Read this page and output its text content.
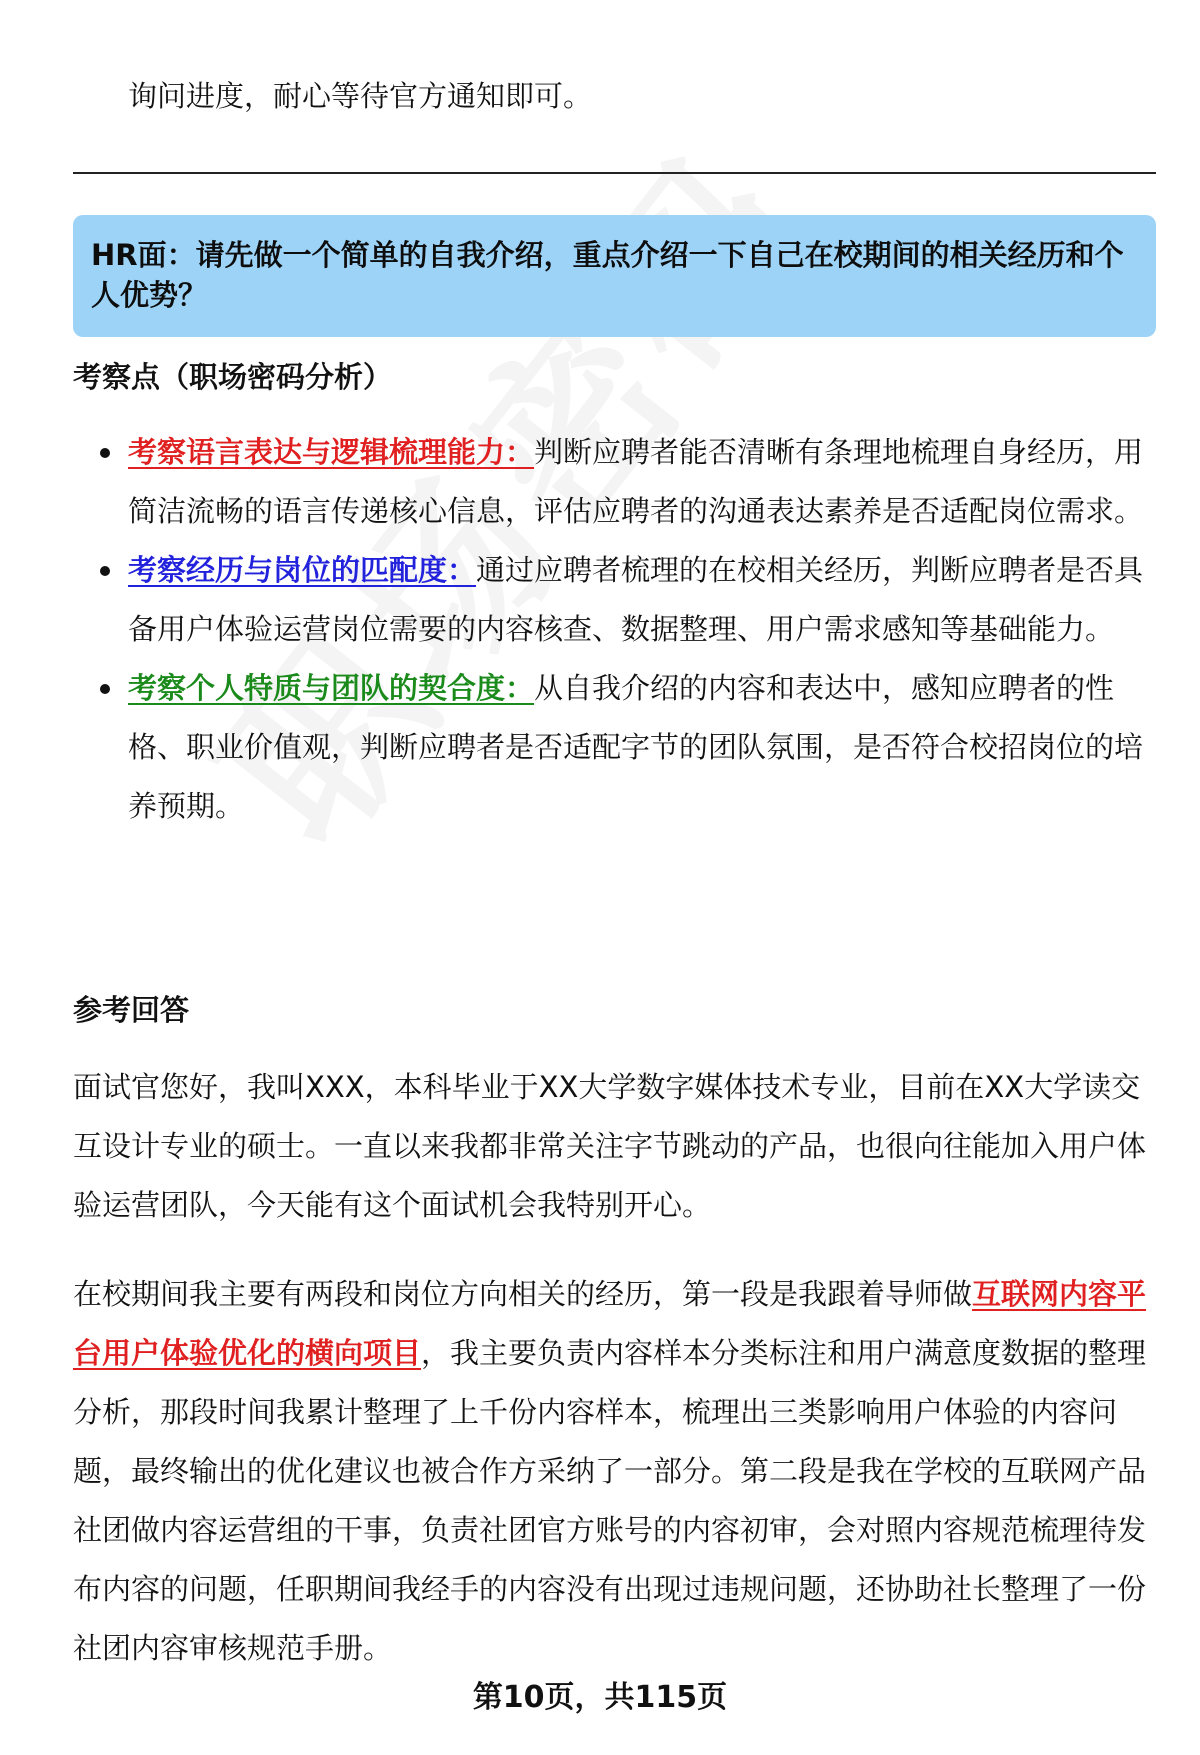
询问进度，耐心等待官方通知即可。
HR面：请先做一个简单的自我介绍，重点介绍一下自己在校期间的相关经历和个人优势？
考察点（职场密码分析）
考察语言表达与逻辑梳理能力：判断应聘者能否清晰有条理地梳理自身经历，用简洁流畅的语言传递核心信息，评估应聘者的沟通表达素养是否适配岗位需求。
考察经历与岗位的匹配度：通过应聘者梳理的在校相关经历，判断应聘者是否具备用户体验运营岗位需要的内容核查、数据整理、用户需求感知等基础能力。
考察个人特质与团队的契合度：从自我介绍的内容和表达中，感知应聘者的性格、职业价值观，判断应聘者是否适配字节的团队氛围，是否符合校招岗位的培养预期。
参考回答

面试官您好，我叫XXX，本科毕业于XX大学数字媒体技术专业，目前在XX大学读交互设计专业的硕士。一直以来我都非常关注字节跳动的产品，也很向往能加入用户体验运营团队，今天能有这个面试机会我特别开心。

在校期间我主要有两段和岗位方向相关的经历，第一段是我跟着导师做互联网内容平台用户体验优化的横向项目，我主要负责内容样本分类标注和用户满意度数据的整理分析，那段时间我累计整理了上千份内容样本，梳理出三类影响用户体验的内容问题，最终输出的优化建议也被合作方采纳了一部分。第二段是我在学校的互联网产品社团做内容运营组的干事，负责社团官方账号的内容初审，会对照内容规范梳理待发布内容的问题，任职期间我经手的内容没有出现过违规问题，还协助社长整理了一份社团内容审核规范手册。

第10页，共115页
